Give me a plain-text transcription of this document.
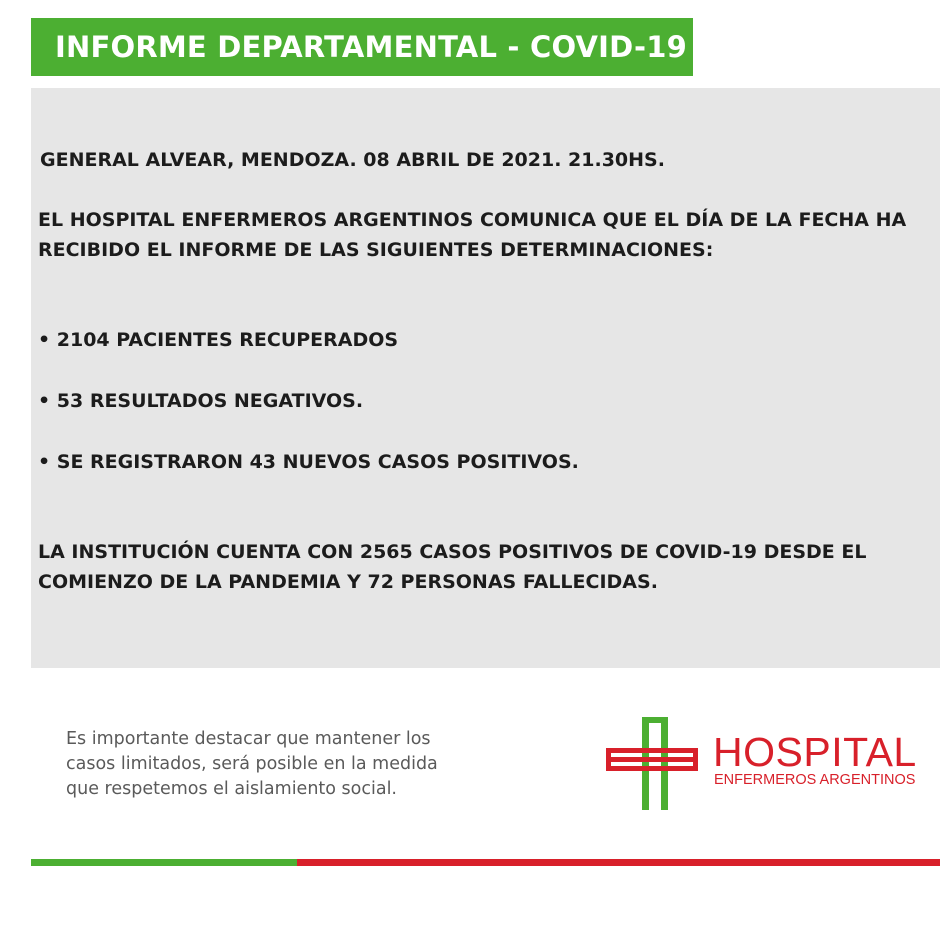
INFORME DEPARTAMENTAL - COVID-19
GENERAL ALVEAR, MENDOZA. 08 ABRIL DE 2021. 21.30HS.
EL HOSPITAL ENFERMEROS ARGENTINOS COMUNICA QUE EL DÍA DE LA FECHA HA
RECIBIDO EL INFORME DE LAS SIGUIENTES DETERMINACIONES:
• 2104 PACIENTES RECUPERADOS
• 53 RESULTADOS NEGATIVOS.
• SE REGISTRARON 43 NUEVOS CASOS POSITIVOS.
LA INSTITUCIÓN CUENTA CON 2565 CASOS POSITIVOS DE COVID-19 DESDE EL
COMIENZO DE LA PANDEMIA Y 72 PERSONAS FALLECIDAS.
Es importante destacar que mantener los
casos limitados, será posible en la medida
que respetemos el aislamiento social.
HOSPITAL
ENFERMEROS ARGENTINOS
